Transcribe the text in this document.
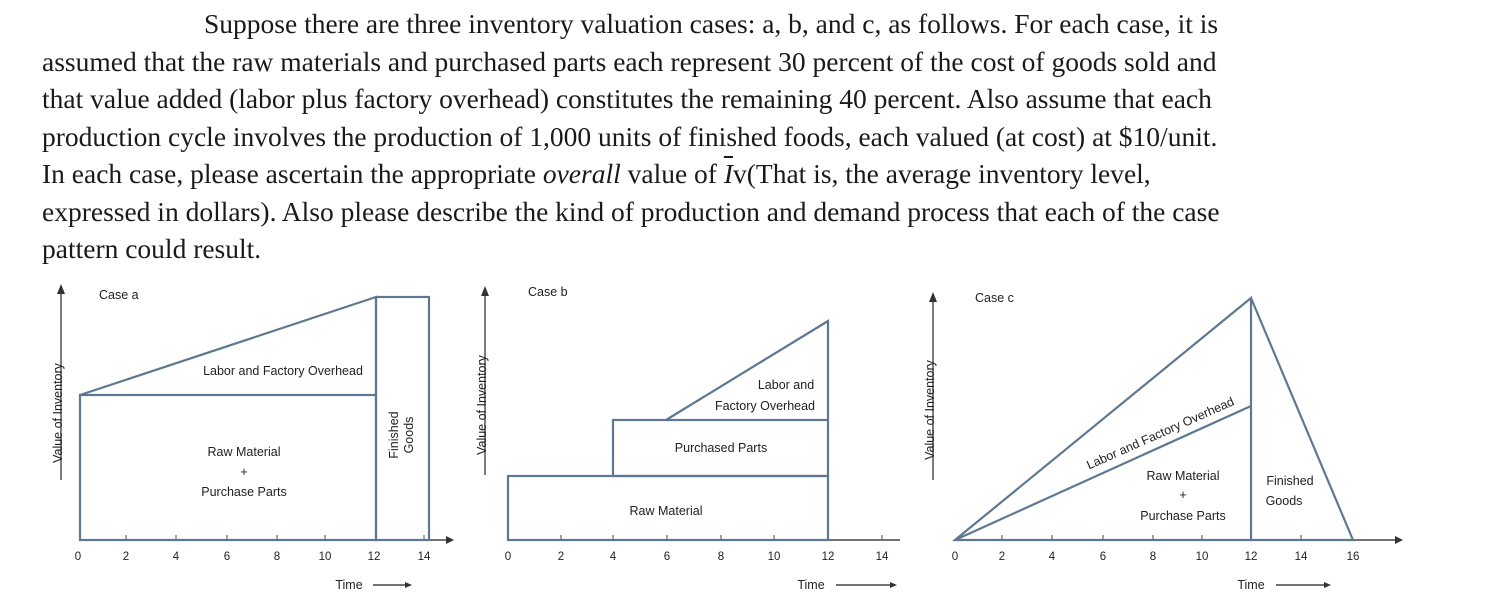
Suppose there are three inventory valuation cases: a, b, and c, as follows. For each case, it is
assumed that the raw materials and purchased parts each represent 30 percent of the cost of goods sold and
that value added (labor plus factory overhead) constitutes the remaining 40 percent. Also assume that each
production cycle involves the production of 1,000 units of finished foods, each valued (at cost) at $10/unit.
In each case, please ascertain the appropriate overall value of $\overline{I}v(That$ is, the average inventory level,
expressed in dollars). Also please describe the kind of production and demand process that each of the case
pattern could result.
Case a
Labor and Factory Overhead
Raw Material
+
Purchase Parts
Finished Goods
Value of Inventory
0	2	4	6	8	10	12	14
Time
Case b
Labor and
Factory Overhead
Purchased Parts
Raw Material
Value of Inventory
0	2	4	6	8	10	12	14
Time
Case c
Labor and Factory Overhead
Raw Material
+
Purchase Parts
Finished
Goods
Value of Inventory
0	2	4	6	8	10	12	14	16
Time
